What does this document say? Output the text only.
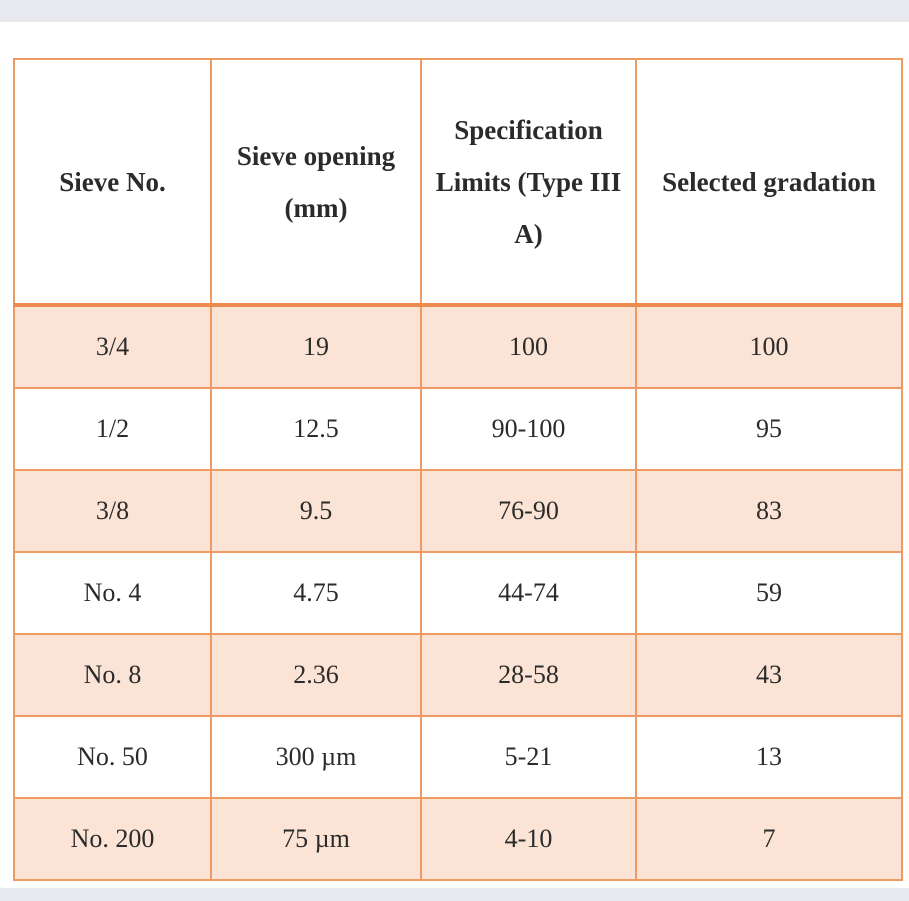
Sieve No.	Sieve opening (mm)	Specification Limits (Type III A)	Selected gradation
3/4	19	100	100
1/2	12.5	90-100	95
3/8	9.5	76-90	83
No. 4	4.75	44-74	59
No. 8	2.36	28-58	43
No. 50	300 µm	5-21	13
No. 200	75 µm	4-10	7
